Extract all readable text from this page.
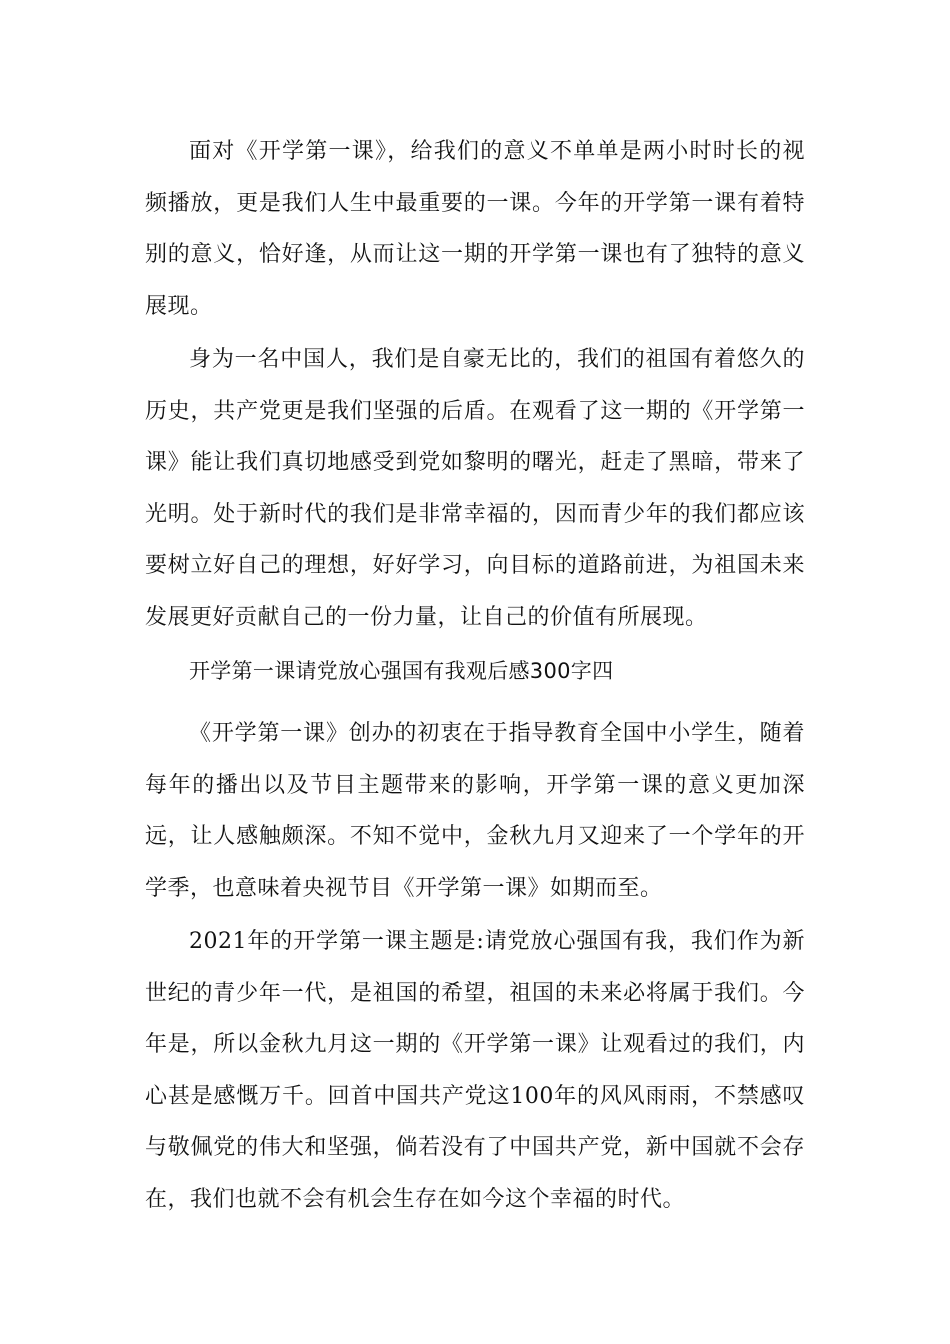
面对《开学第一课》，给我们的意义不单单是两小时时长的视频播放，更是我们人生中最重要的一课。今年的开学第一课有着特别的意义，恰好逢，从而让这一期的开学第一课也有了独特的意义展现。

身为一名中国人，我们是自豪无比的，我们的祖国有着悠久的历史，共产党更是我们坚强的后盾。在观看了这一期的《开学第一课》能让我们真切地感受到党如黎明的曙光，赶走了黑暗，带来了光明。处于新时代的我们是非常幸福的，因而青少年的我们都应该要树立好自己的理想，好好学习，向目标的道路前进，为祖国未来发展更好贡献自己的一份力量，让自己的价值有所展现。

开学第一课请党放心强国有我观后感300字四

《开学第一课》创办的初衷在于指导教育全国中小学生，随着每年的播出以及节目主题带来的影响，开学第一课的意义更加深远，让人感触颇深。不知不觉中，金秋九月又迎来了一个学年的开学季，也意味着央视节目《开学第一课》如期而至。

2021年的开学第一课主题是:请党放心强国有我，我们作为新世纪的青少年一代，是祖国的希望，祖国的未来必将属于我们。今年是，所以金秋九月这一期的《开学第一课》让观看过的我们，内心甚是感慨万千。回首中国共产党这100年的风风雨雨，不禁感叹与敬佩党的伟大和坚强，倘若没有了中国共产党，新中国就不会存在，我们也就不会有机会生存在如今这个幸福的时代。
